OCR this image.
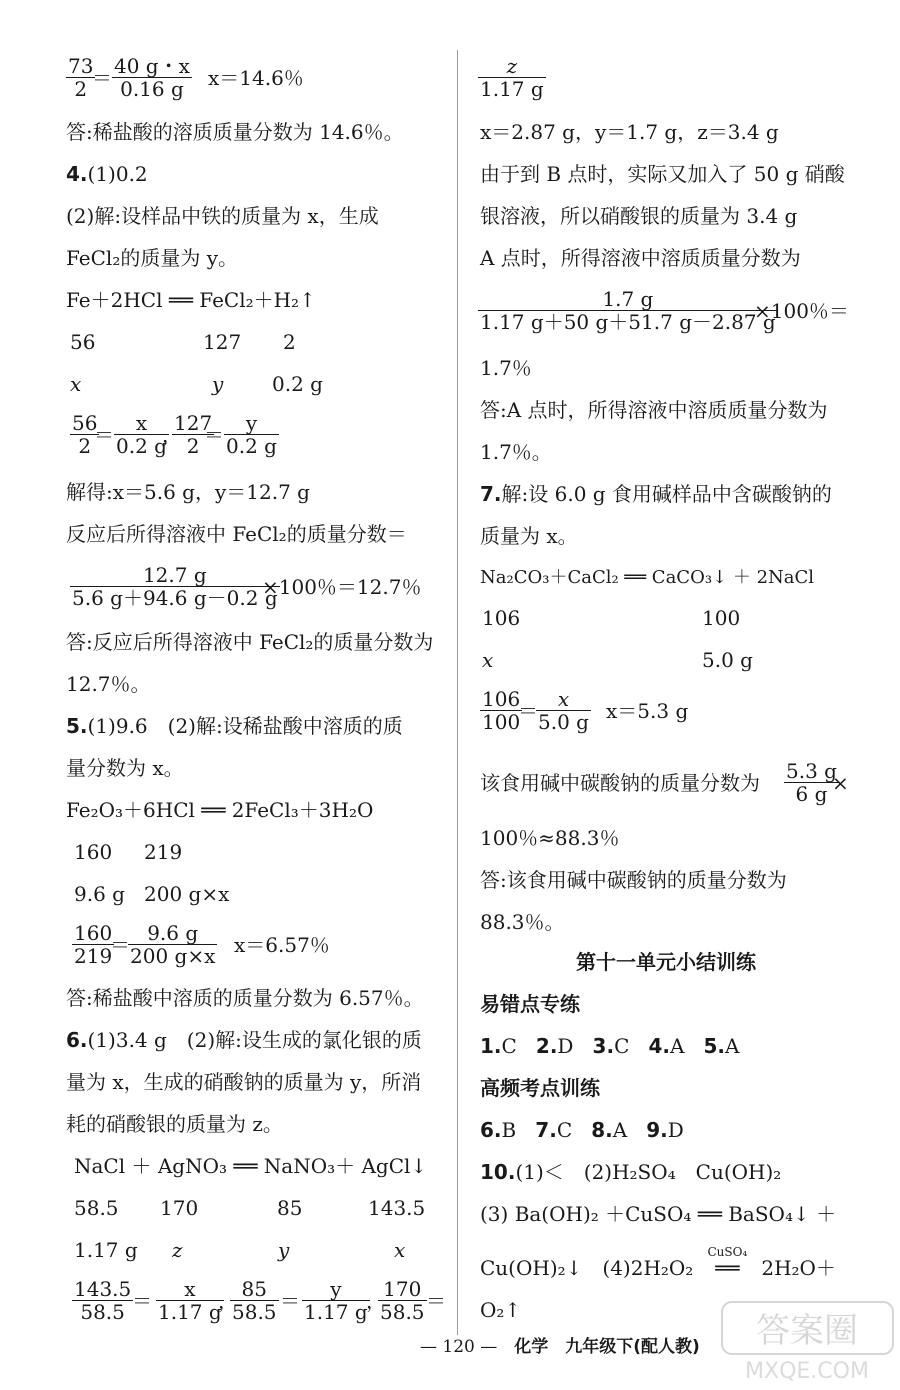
$\frac{73}{2}$
＝ $\frac{40 g・x}{0.16 g} x=14.6$％
答:稀盐酸的溶质质量分数为 14.6％。
4.(1)0.2
(2)解:设样品中铁的质量为 x，生成
FeCl₂的质量为 y。
Fe＋2HCl ══ FeCl₂＋H₂↑
56	127 2
x	y 0.2 g
$\frac{56}{2}$
＝ $\frac{x}{0.2 g}$
，
$\frac{127}{2}$
＝ $\frac{y}{0.2 g}$
解得:x＝5.6 g，y＝12.7 g
反应后所得溶液中 FeCl₂的质量分数＝
$\frac{12.7 g}{5.6 g+94.6 g-0.2 g}$
×100％＝12.7％
答:反应后所得溶液中 FeCl₂的质量分数为
12.7％。
5.(1)9.6　(2)解:设稀盐酸中溶质的质
量分数为 x。
Fe₂O₃＋6HCl ══ 2FeCl₃＋3H₂O
160 219
9.6 g 200 g×x
$\frac{160}{219}$
＝
$\frac{9.6 g}{200 g\times x} x=6.57$％
答:稀盐酸中溶质的质量分数为 6.57％。
6.(1)3.4 g　(2)解:设生成的氯化银的质
量为 x，生成的硝酸钠的质量为 y，所消
耗的硝酸银的质量为 z。
NaCl ＋ AgNO₃ ══ NaNO₃＋ AgCl↓
58.5 170	85	143.5
1.17 g z	y	x
$\frac{143.5}{58.5}$
＝ $\frac{x}{1.17 g}$
，
$\frac{85}{58.5} = \frac{y}{1.17 g}$
，
$\frac{170}{58.5}$ ＝
$\frac{z}{1.17 g}$
x＝2.87 g，y＝1.7 g，z＝3.4 g
由于到 B 点时，实际又加入了 50 g 硝酸
银溶液，所以硝酸银的质量为 3.4 g
A 点时，所得溶液中溶质质量分数为
$\frac{1.7 g}{1.17 g+50 g+51.7 g-2.87 g}$
×100％＝
1.7％
答:A 点时，所得溶液中溶质质量分数为
1.7％。
7.解:设 6.0 g 食用碱样品中含碳酸钠的
质量为 x。
Na₂CO₃＋CaCl₂ ══ CaCO₃↓ ＋ 2NaCl
106	100
x	5.0 g
$\frac{106}{100}$
＝
$\frac{x}{5.0 g} x=5.3$ g
该食用碱中碳酸钠的质量分数为 $\frac{5.3 g}{6 g}$
×
100％≈88.3％
答:该食用碱中碳酸钠的质量分数为
88.3％。
第十一单元小结训练
易错点专练
1.C 2.D 3.C 4.A 5.A
高频考点训练
6.B 7.C 8.A 9.D
10.(1)＜　(2)H₂SO₄　Cu(OH)₂
(3) Ba(OH)₂ ＋CuSO₄ ══ BaSO₄↓ ＋
Cu(OH)₂↓　(4)2H₂O₂
CuSO₄
══ 2H₂O＋
O₂↑
— 120 —　 化学　九年级下(配人教) 答案圈
MXQE.COM
